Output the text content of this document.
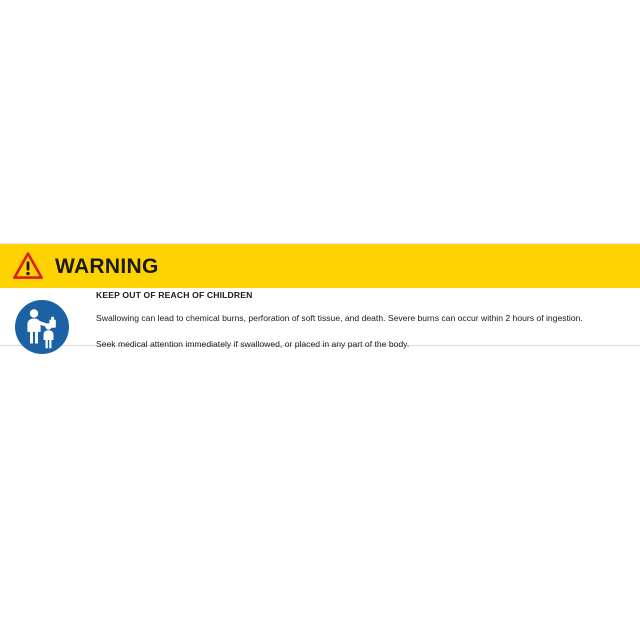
WARNING

KEEP OUT OF REACH OF CHILDREN

Swallowing can lead to chemical burns, perforation of soft tissue, and death. Severe burns can occur within 2 hours of ingestion.

Seek medical attention immediately if swallowed, or placed in any part of the body.
